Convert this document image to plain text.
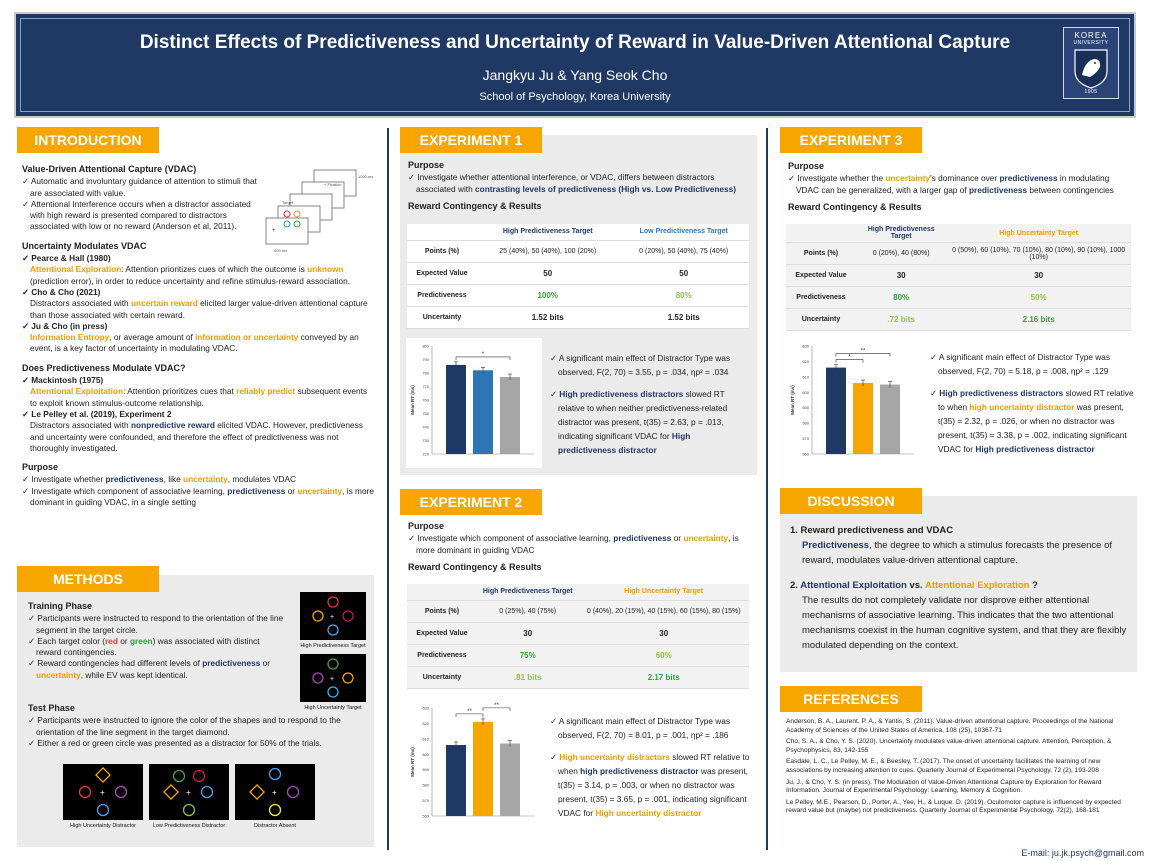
Distinct Effects of Predictiveness and Uncertainty of Reward in Value-Driven Attentional Capture
Jangkyu Ju & Yang Seok Cho
School of Psychology, Korea University
KOREA
UNIVERSITY
1905
INTRODUCTION
Value-Driven Attentional Capture (VDAC)
✓ Automatic and involuntary guidance of attention to stimuli that are associated with value.
✓ Attentional Interference occurs when a distractor associated with high reward is presented compared to distractors associated with low or no reward (Anderson et al, 2011).
Uncertainty Modulates VDAC
✓ Pearce & Hall (1980)
Attentional Exploration: Attention prioritizes cues of which the outcome is unknown (prediction error), in order to reduce uncertainty and refine stimulus-reward association.
✓ Cho & Cho (2021)
Distractors associated with uncertain reward elicited larger value-driven attentional capture than those associated with certain reward.
✓ Ju & Cho (in press)
Information Entropy, or average amount of information or uncertainty conveyed by an event, is a key factor of uncertainty in modulating VDAC.
Does Predictiveness Modulate VDAC?
✓ Mackintosh (1975)
Attentional Exploitation: Attention prioritizes cues that reliably predict subsequent events to exploit known stimulus-outcome relationship.
✓ Le Pelley et al. (2019), Experiment 2
Distractors associated with nonpredictive reward elicited VDAC. However, predictiveness and uncertainty were confounded, and therefore the effect of predictiveness was not thoroughly investigated.
Purpose
✓ Investigate whether predictiveness, like uncertainty, modulates VDAC
✓ Investigate which component of associative learning, predictiveness or uncertainty, is more dominant in guiding VDAC, in a single setting
+
+ Fixation
1000 ms
Target
400 ms
METHODS
Training Phase
✓ Participants were instructed to respond to the orientation of the line segment in the target circle.
✓ Each target color (red or green) was associated with distinct reward contingencies.
✓ Reward contingencies had different levels of predictiveness or uncertainty, while EV was kept identical.
Test Phase
✓ Participants were instructed to ignore the color of the shapes and to respond to the orientation of the line segment in the target diamond.
✓ Either a red or green circle was presented as a distractor for 50% of the trials.
+
High Predictiveness Target
+
High Uncertainty Target
+
High Uncertainty Distractor
+
Low Predictiveness Distractor
+
Distractor Absent
EXPERIMENT 1
Purpose
✓ Investigate whether attentional interference, or VDAC, differs between distractors associated with contrasting levels of predictiveness (High vs. Low Predictiveness)
Reward Contingency & Results
	High Predictiveness Target	Low Predictiveness Target
Points (%)	25 (40%), 50 (40%), 100 (20%)	0 (20%), 50 (40%), 75 (40%)
Expected Value	50	50
Predictiveness	100%	80%
Uncertainty	1.52 bits	1.52 bits
720
730
740
750
760
770
780
790
800
Mean RT (ms)
*	✓ A significant main effect of Distractor Type was observed, F(2, 70) = 3.55, p = .034, ηp² = .034
✓ High predictiveness distractors slowed RT relative to when neither predictiveness-related distractor was present, t(35) = 2.63, p = .013, indicating significant VDAC for High predictiveness distractor
EXPERIMENT 2
Purpose
✓ Investigate which component of associative learning, predictiveness or uncertainty, is more dominant in guiding VDAC
Reward Contingency & Results
	High Predictiveness Target	High Uncertainty Target
Points (%)	0 (25%), 40 (75%)	0 (40%), 20 (15%), 40 (15%), 60 (15%), 80 (15%)
Expected Value	30	30
Predictiveness	75%	60%
Uncertainty	.81 bits	2.17 bits
560
570
580
590
600
610
620
630
Mean RT (ms)
**
**
✓ A significant main effect of Distractor Type was observed, F(2, 70) = 8.01, p = .001, ηp² = .186
✓ High uncertainty distractors slowed RT relative to when high predictiveness distractor was present, t(35) = 3.14, p = .003, or when no distractor was present, t(35) = 3.65, p = .001, indicating significant VDAC for High uncertainty distractor
EXPERIMENT 3
Purpose
✓ Investigate whether the uncertainty's dominance over predictiveness in modulating VDAC can be generalized, with a larger gap of predictiveness between contingencies
Reward Contingency & Results
	High Predictiveness Target	High Uncertainty Target
Points (%)	0 (20%), 40 (80%)	0 (50%), 60 (10%), 70 (10%), 80 (10%), 90 (10%), 1000 (10%)
Expected Value	30	30
Predictiveness	80%	50%
Uncertainty	.72 bits	2.16 bits
560
570
580
590
600
610
620
630
Mean RT (ms)
*
**
✓ A significant main effect of Distractor Type was observed, F(2, 70) = 5.18, p = .008, ηp² = .129
✓ High predictiveness distractors slowed RT relative to when high uncertainty distractor was present, t(35) = 2.32, p = .026, or when no distractor was present, t(35) = 3.38, p = .002, indicating significant VDAC for High predictiveness distractor
DISCUSSION
1. Reward predictiveness and VDAC
Predictiveness, the degree to which a stimulus forecasts the presence of reward, modulates value-driven attentional capture.
2. Attentional Exploitation vs. Attentional Exploration ?
The results do not completely validate nor disprove either attentional mechanisms of associative learning. This indicates that the two attentional mechanisms coexist in the human cognitive system, and that they are flexibly modulated depending on the context.
REFERENCES

Anderson, B. A., Laurent, P. A., & Yantis, S. (2011). Value-driven attentional capture. Proceedings of the National Academy of Sciences of the United States of America, 108 (25), 10367-71

Cho, S. A., & Cho, Y. S. (2020). Uncertainty modulates value-driven attentional capture. Attention, Perception, & Psychophysics, 83, 142-155

Easdale, L. C., Le Pelley, M. E., & Beesley, T. (2017). The onset of uncertainty facilitates the learning of new associations by increasing attention to cues. Quarterly Journal of Experimental Psychology, 72 (2), 193-208

Ju, J., & Cho, Y. S. (in press). The Modulation of Value-Driven Attentional Capture by Exploration for Reward Information. Journal of Experimental Psychology: Learning, Memory & Cognition.

Le Pelley, M.E., Pearson, D., Porter, A., Yee, H., & Luque. D. (2019). Oculomotor capture is influenced by expected reward value but (maybe) not predictiveness. Quarterly Journal of Experimental Psychology, 72(2), 168-181

E-mail: ju.jk.psych@gmail.com
